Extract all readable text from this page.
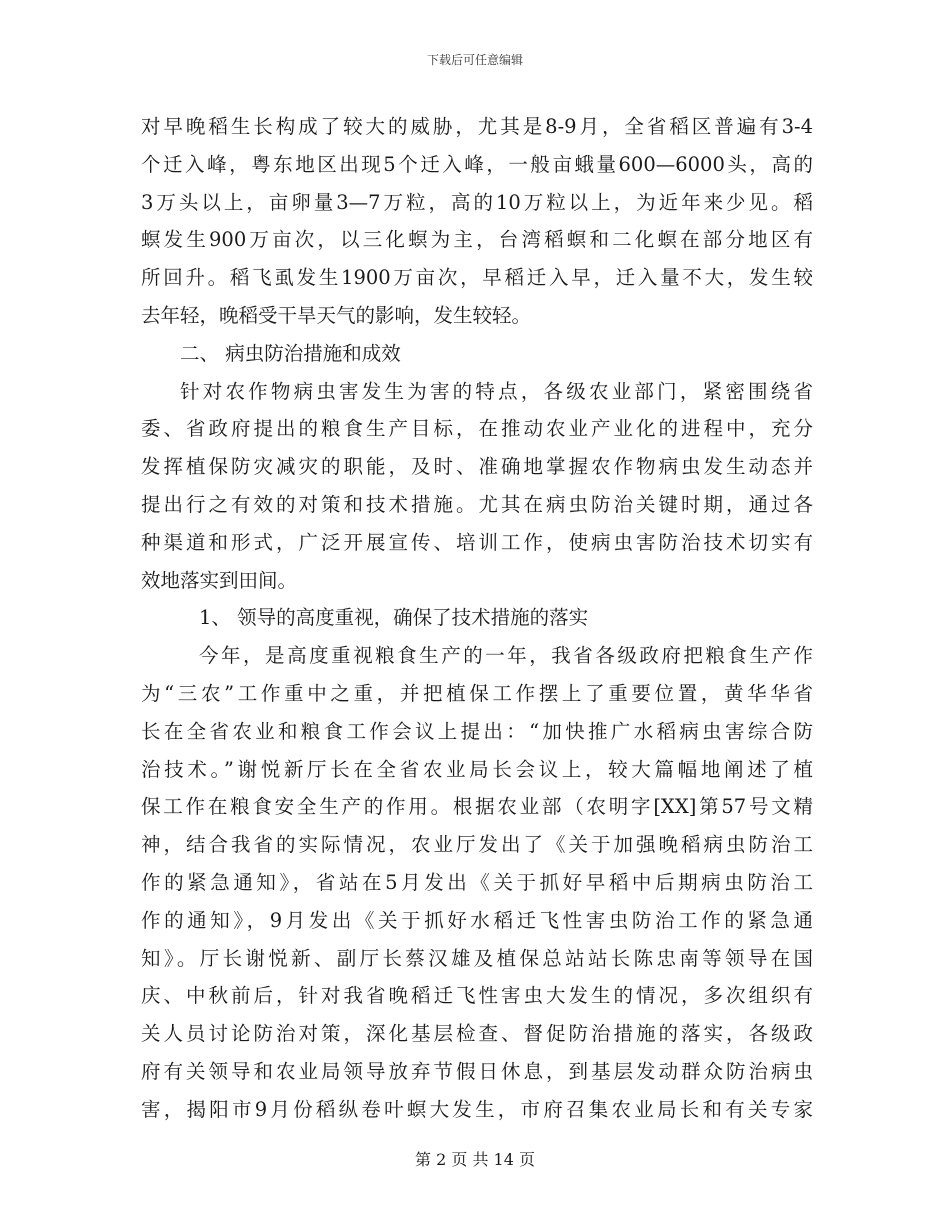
下载后可任意编辑
对早晚稻生长构成了较大的威胁，尤其是8-9月，全省稻区普遍有3-4
个迁入峰，粤东地区出现5个迁入峰，一般亩蛾量600—6000头，高的
3万头以上，亩卵量3—7万粒，高的10万粒以上，为近年来少见。稻
螟发生900万亩次，以三化螟为主，台湾稻螟和二化螟在部分地区有
所回升。稻飞虱发生1900万亩次，早稻迁入早，迁入量不大，发生较
去年轻，晚稻受干旱天气的影响，发生较轻。
二、 病虫防治措施和成效
针对农作物病虫害发生为害的特点，各级农业部门，紧密围绕省
委、省政府提出的粮食生产目标，在推动农业产业化的进程中，充分
发挥植保防灾减灾的职能，及时、准确地掌握农作物病虫发生动态并
提出行之有效的对策和技术措施。尤其在病虫防治关键时期，通过各
种渠道和形式，广泛开展宣传、培训工作，使病虫害防治技术切实有
效地落实到田间。
1、 领导的高度重视，确保了技术措施的落实
今年，是高度重视粮食生产的一年，我省各级政府把粮食生产作
为“三农”工作重中之重，并把植保工作摆上了重要位置，黄华华省
长在全省农业和粮食工作会议上提出：“加快推广水稻病虫害综合防
治技术。”谢悦新厅长在全省农业局长会议上，较大篇幅地阐述了植
保工作在粮食安全生产的作用。根据农业部（农明字[XX]第57号文精
神，结合我省的实际情况，农业厅发出了《关于加强晚稻病虫防治工
作的紧急通知》，省站在5月发出《关于抓好早稻中后期病虫防治工
作的通知》，9月发出《关于抓好水稻迁飞性害虫防治工作的紧急通
知》。厅长谢悦新、副厅长蔡汉雄及植保总站站长陈忠南等领导在国
庆、中秋前后，针对我省晚稻迁飞性害虫大发生的情况，多次组织有
关人员讨论防治对策，深化基层检查、督促防治措施的落实，各级政
府有关领导和农业局领导放弃节假日休息，到基层发动群众防治病虫
害，揭阳市9月份稻纵卷叶螟大发生，市府召集农业局长和有关专家
第 2 页 共 14 页
